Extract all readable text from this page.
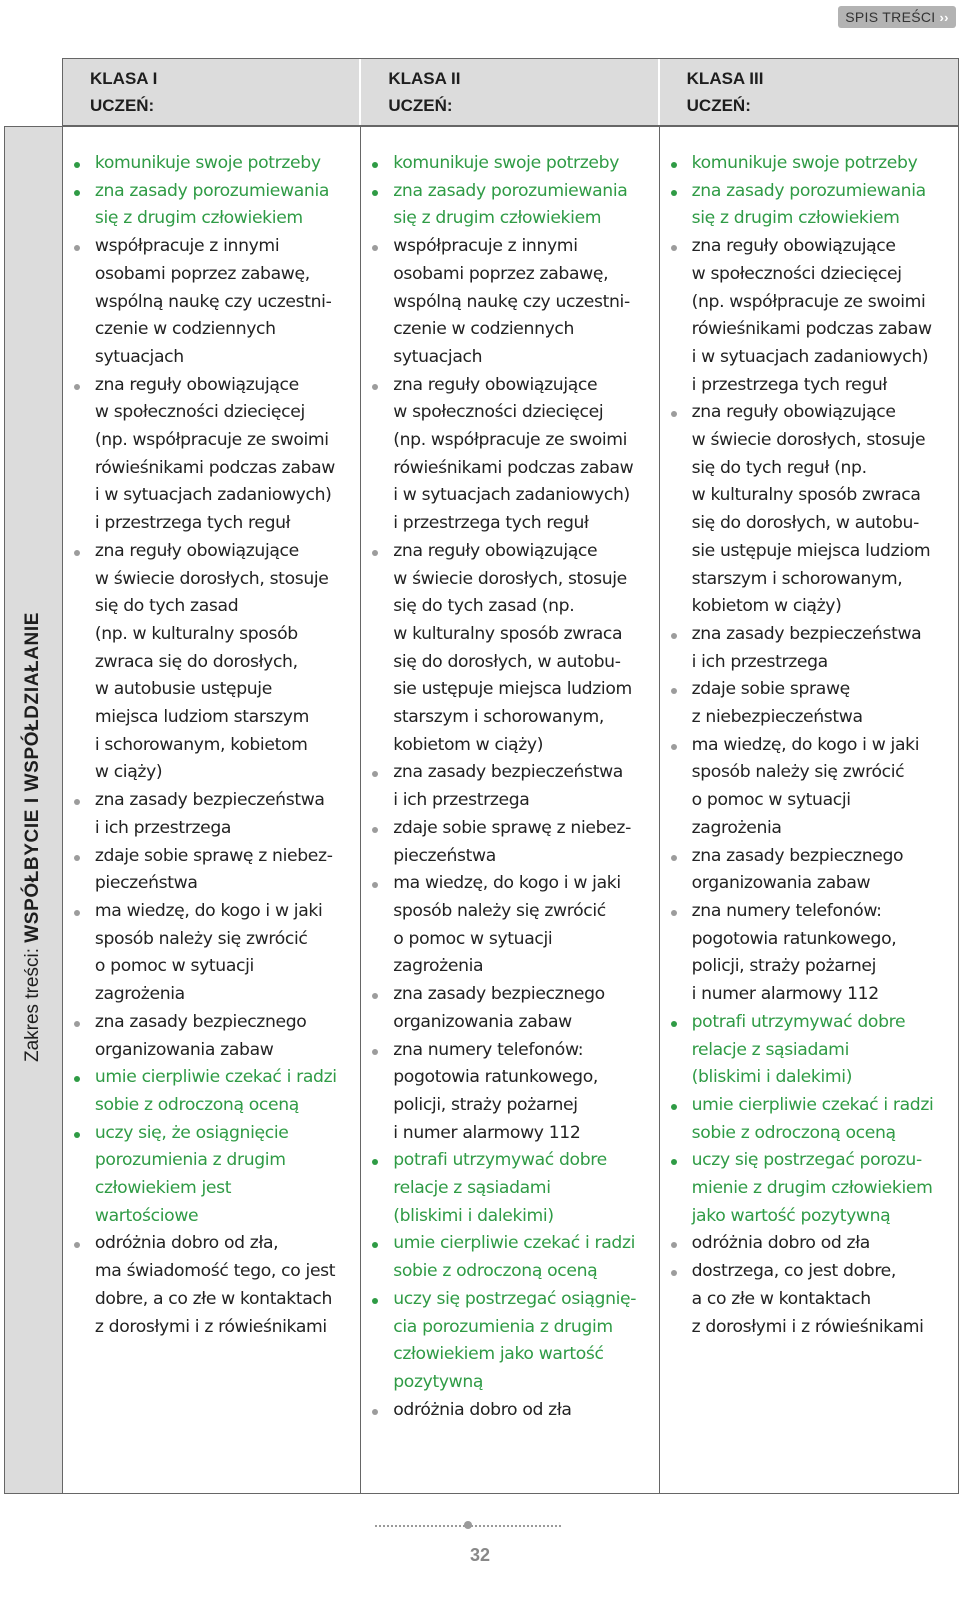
SPIS TREŚCI ››
KLASA I
UCZEŃ:
KLASA II
UCZEŃ:
KLASA III
UCZEŃ:
Zakres treści: WSPÓŁBYCIE I WSPÓŁDZIAŁANIE
komunikuje swoje potrzeby
zna zasady porozumiewania
się z drugim człowiekiem
współpracuje z innymi
osobami poprzez zabawę,
wspólną naukę czy uczestni-
czenie w codziennych
sytuacjach
zna reguły obowiązujące
w społeczności dziecięcej
(np. współpracuje ze swoimi
rówieśnikami podczas zabaw
i w sytuacjach zadaniowych)
i przestrzega tych reguł
zna reguły obowiązujące
w świecie dorosłych, stosuje
się do tych zasad
(np. w kulturalny sposób
zwraca się do dorosłych,
w autobusie ustępuje
miejsca ludziom starszym
i schorowanym, kobietom
w ciąży)
zna zasady bezpieczeństwa
i ich przestrzega
zdaje sobie sprawę z niebez-
pieczeństwa
ma wiedzę, do kogo i w jaki
sposób należy się zwrócić
o pomoc w sytuacji
zagrożenia
zna zasady bezpiecznego
organizowania zabaw
umie cierpliwie czekać i radzi
sobie z odroczoną oceną
uczy się, że osiągnięcie
porozumienia z drugim
człowiekiem jest
wartościowe
odróżnia dobro od zła,
ma świadomość tego, co jest
dobre, a co złe w kontaktach
z dorosłymi i z rówieśnikami
komunikuje swoje potrzeby
zna zasady porozumiewania
się z drugim człowiekiem
współpracuje z innymi
osobami poprzez zabawę,
wspólną naukę czy uczestni-
czenie w codziennych
sytuacjach
zna reguły obowiązujące
w społeczności dziecięcej
(np. współpracuje ze swoimi
rówieśnikami podczas zabaw
i w sytuacjach zadaniowych)
i przestrzega tych reguł
zna reguły obowiązujące
w świecie dorosłych, stosuje
się do tych zasad (np.
w kulturalny sposób zwraca
się do dorosłych, w autobu-
sie ustępuje miejsca ludziom
starszym i schorowanym,
kobietom w ciąży)
zna zasady bezpieczeństwa
i ich przestrzega
zdaje sobie sprawę z niebez-
pieczeństwa
ma wiedzę, do kogo i w jaki
sposób należy się zwrócić
o pomoc w sytuacji
zagrożenia
zna zasady bezpiecznego
organizowania zabaw
zna numery telefonów:
pogotowia ratunkowego,
policji, straży pożarnej
i numer alarmowy 112
potrafi utrzymywać dobre
relacje z sąsiadami
(bliskimi i dalekimi)
umie cierpliwie czekać i radzi
sobie z odroczoną oceną
uczy się postrzegać osiągnię-
cia porozumienia z drugim
człowiekiem jako wartość
pozytywną
odróżnia dobro od zła
komunikuje swoje potrzeby
zna zasady porozumiewania
się z drugim człowiekiem
zna reguły obowiązujące
w społeczności dziecięcej
(np. współpracuje ze swoimi
rówieśnikami podczas zabaw
i w sytuacjach zadaniowych)
i przestrzega tych reguł
zna reguły obowiązujące
w świecie dorosłych, stosuje
się do tych reguł (np.
w kulturalny sposób zwraca
się do dorosłych, w autobu-
sie ustępuje miejsca ludziom
starszym i schorowanym,
kobietom w ciąży)
zna zasady bezpieczeństwa
i ich przestrzega
zdaje sobie sprawę
z niebezpieczeństwa
ma wiedzę, do kogo i w jaki
sposób należy się zwrócić
o pomoc w sytuacji
zagrożenia
zna zasady bezpiecznego
organizowania zabaw
zna numery telefonów:
pogotowia ratunkowego,
policji, straży pożarnej
i numer alarmowy 112
potrafi utrzymywać dobre
relacje z sąsiadami
(bliskimi i dalekimi)
umie cierpliwie czekać i radzi
sobie z odroczoną oceną
uczy się postrzegać porozu-
mienie z drugim człowiekiem
jako wartość pozytywną
odróżnia dobro od zła
dostrzega, co jest dobre,
a co złe w kontaktach
z dorosłymi i z rówieśnikami
32
